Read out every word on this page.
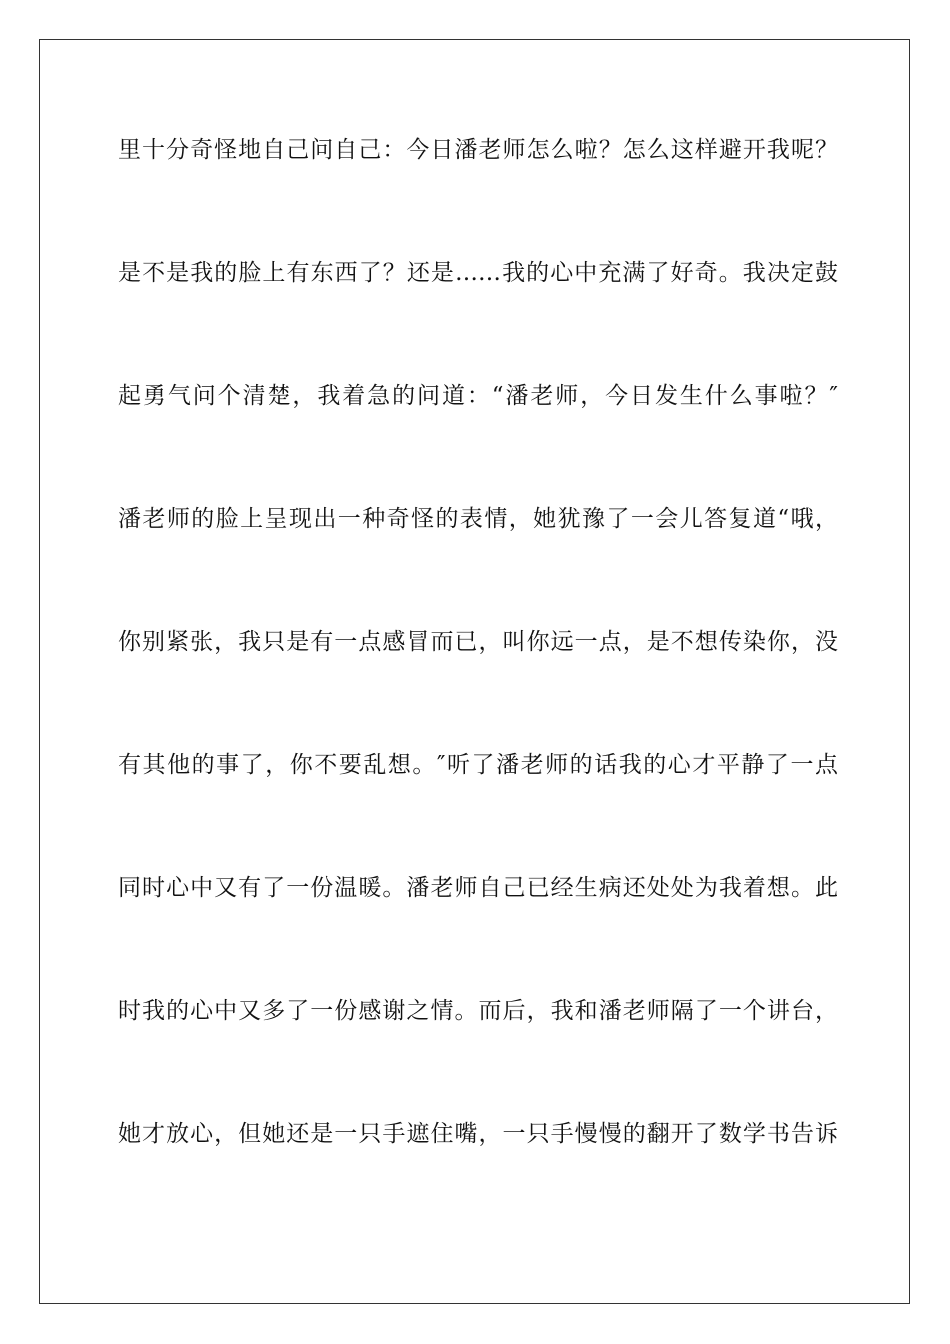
里十分奇怪地自己问自己：今日潘老师怎么啦？怎么这样避开我呢？
是不是我的脸上有东西了？还是……我的心中充满了好奇。我决定鼓
起勇气问个清楚，我着急的问道：“潘老师，今日发生什么事啦？″
潘老师的脸上呈现出一种奇怪的表情，她犹豫了一会儿答复道“哦，
你别紧张，我只是有一点感冒而已，叫你远一点，是不想传染你，没
有其他的事了，你不要乱想。″听了潘老师的话我的心才平静了一点
同时心中又有了一份温暖。潘老师自己已经生病还处处为我着想。此
时我的心中又多了一份感谢之情。而后，我和潘老师隔了一个讲台，
她才放心，但她还是一只手遮住嘴，一只手慢慢的翻开了数学书告诉
